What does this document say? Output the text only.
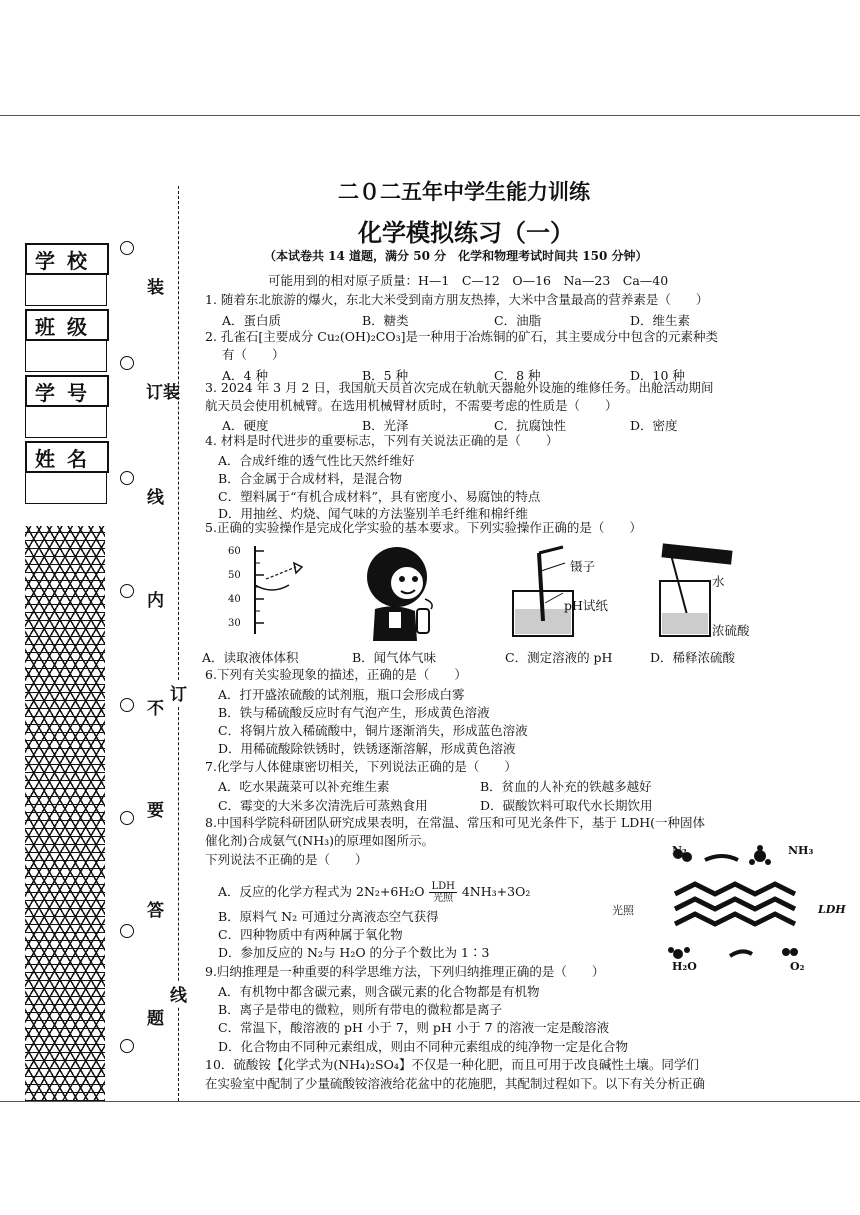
学校
班级
学号
姓名
装
订装
线
内
订
不
要
答
线
题
二０二五年中学生能力训练
化学模拟练习（一）
（本试卷共 14 道题，满分 50 分　化学和物理考试时间共 150 分钟）
可能用到的相对原子质量：H—1　C—12　O—16　Na—23　Ca—40
1. 随着东北旅游的爆火，东北大米受到南方朋友热捧，大米中含量最高的营养素是（　　）
A．蛋白质	B．糖类	C．油脂	D．维生素
2. 孔雀石[主要成分 Cu₂(OH)₂CO₃]是一种用于冶炼铜的矿石，其主要成分中包含的元素种类
有（　　）
A．4 种	B．5 种	C．8 种	D．10 种
3. 2024 年 3 月 2 日，我国航天员首次完成在轨航天器舱外设施的维修任务。出舱活动期间
航天员会使用机械臂。在选用机械臂材质时，不需要考虑的性质是（　　）
A．硬度	B．光泽	C．抗腐蚀性	D．密度
4. 材料是时代进步的重要标志，下列有关说法正确的是（　　）
A．合成纤维的透气性比天然纤维好
B．合金属于合成材料，是混合物
C．塑料属于“有机合成材料”，具有密度小、易腐蚀的特点
D．用抽丝、灼烧、闻气味的方法鉴别羊毛纤维和棉纤维
5.正确的实验操作是完成化学实验的基本要求。下列实验操作正确的是（　　）
60
50
40
30
镊子
pH试纸
水
浓硫酸
A．读取液体体积	B．闻气体气味	C．测定溶液的 pH	D．稀释浓硫酸
6.下列有关实验现象的描述，正确的是（　　）
A．打开盛浓硫酸的试剂瓶，瓶口会形成白雾
B．铁与稀硫酸反应时有气泡产生，形成黄色溶液
C．将铜片放入稀硫酸中，铜片逐渐消失，形成蓝色溶液
D．用稀硫酸除铁锈时，铁锈逐渐溶解，形成黄色溶液
7.化学与人体健康密切相关，下列说法正确的是（　　）
A．吃水果蔬菜可以补充维生素	B．贫血的人补充的铁越多越好
C．霉变的大米多次清洗后可蒸熟食用	D．碳酸饮料可取代水长期饮用
8.中国科学院科研团队研究成果表明，在常温、常压和可见光条件下，基于 LDH(一种固体
催化剂)合成氨气(NH₃)的原理如图所示。
下列说法不正确的是（　　）
A．反应的化学方程式为 2N₂+6H₂O LDH
光照 4NH₃+3O₂
B．原料气 N₂ 可通过分离液态空气获得
C．四种物质中有两种属于氧化物
D．参加反应的 N₂与 H₂O 的分子个数比为 1∶3
N₂	NH₃
光照	LDH
H₂O	O₂
9.归纳推理是一种重要的科学思维方法，下列归纳推理正确的是（　　）
A．有机物中都含碳元素，则含碳元素的化合物都是有机物
B．离子是带电的微粒，则所有带电的微粒都是离子
C．常温下，酸溶液的 pH 小于 7，则 pH 小于 7 的溶液一定是酸溶液
D．化合物由不同种元素组成，则由不同种元素组成的纯净物一定是化合物
10．硫酸铵【化学式为(NH₄)₂SO₄】不仅是一种化肥，而且可用于改良碱性土壤。同学们
在实验室中配制了少量硫酸铵溶液给花盆中的花施肥，其配制过程如下。以下有关分析正确
